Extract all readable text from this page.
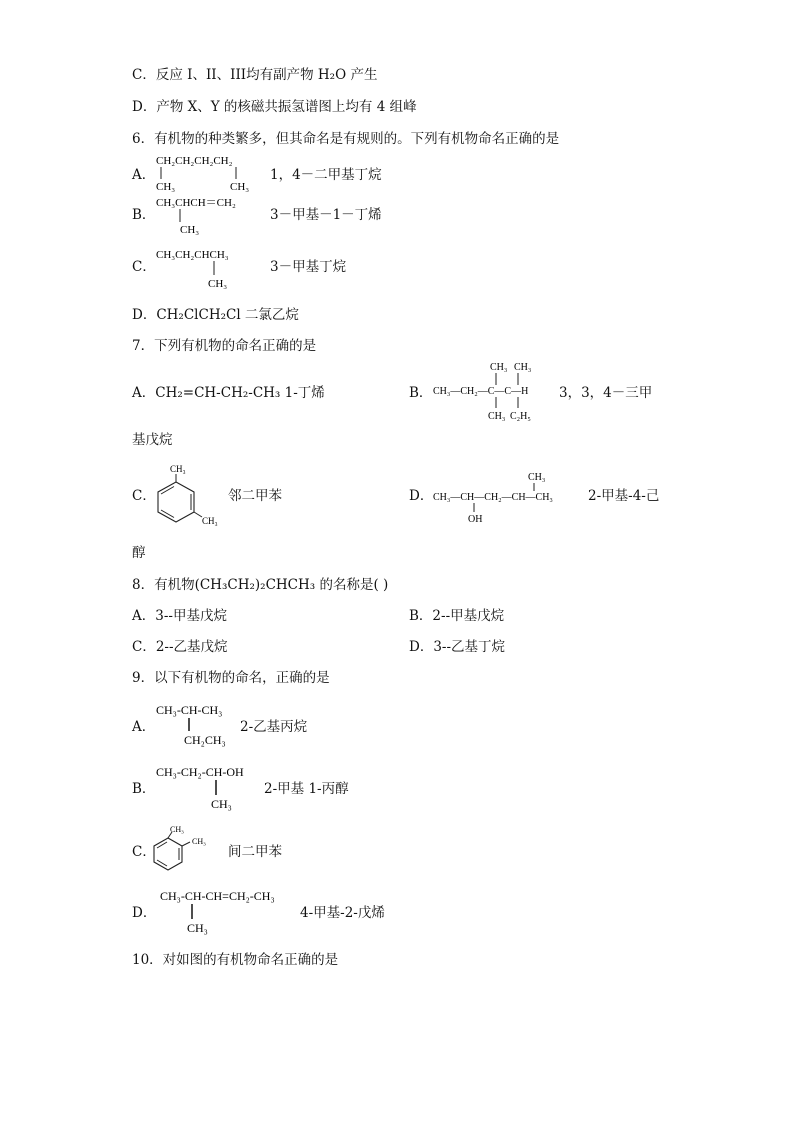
C．反应 I、II、III均有副产物 H₂O 产生
D．产物 X、Y 的核磁共振氢谱图上均有 4 组峰
6．有机物的种类繁多，但其命名是有规则的。下列有机物命名正确的是
A．
CH₂CH₂CH₂CH₂
CH₃	CH₃
1，4－二甲基丁烷
B．
CH₃CHCH＝CH₂
CH₃
3－甲基－1－丁烯
C．
CH₃CH₂CHCH₃
CH₃
3－甲基丁烷
D．CH₂ClCH₂Cl 二氯乙烷
7．下列有机物的命名正确的是
A．CH₂=CH-CH₂-CH₃ 1-丁烯	B．
CH₃ CH₃
CH₃—CH₂—C—C—H
CH₃ C₂H₅
3，3，4－三甲
基戊烷
C．
CH₃
CH₃
邻二甲苯	D．
CH₃
CH₃—CH—CH₂—CH—CH₃
OH
2-甲基-4-己
醇
8．有机物(CH₃CH₂)₂CHCH₃ 的名称是( )
A．3--甲基戊烷	B．2--甲基戊烷
C．2--乙基戊烷	D．3--乙基丁烷
9．以下有机物的命名，正确的是
A．
CH₃-CH-CH₃
CH₂CH₃
2-乙基丙烷
B．
CH₃-CH₂-CH-OH
CH₃
2-甲基 1-丙醇
C．
CH₃
CH₃
间二甲苯
D．
CH₃-CH-CH=CH₂-CH₃
CH₃
4-甲基-2-戊烯
10．对如图的有机物命名正确的是
